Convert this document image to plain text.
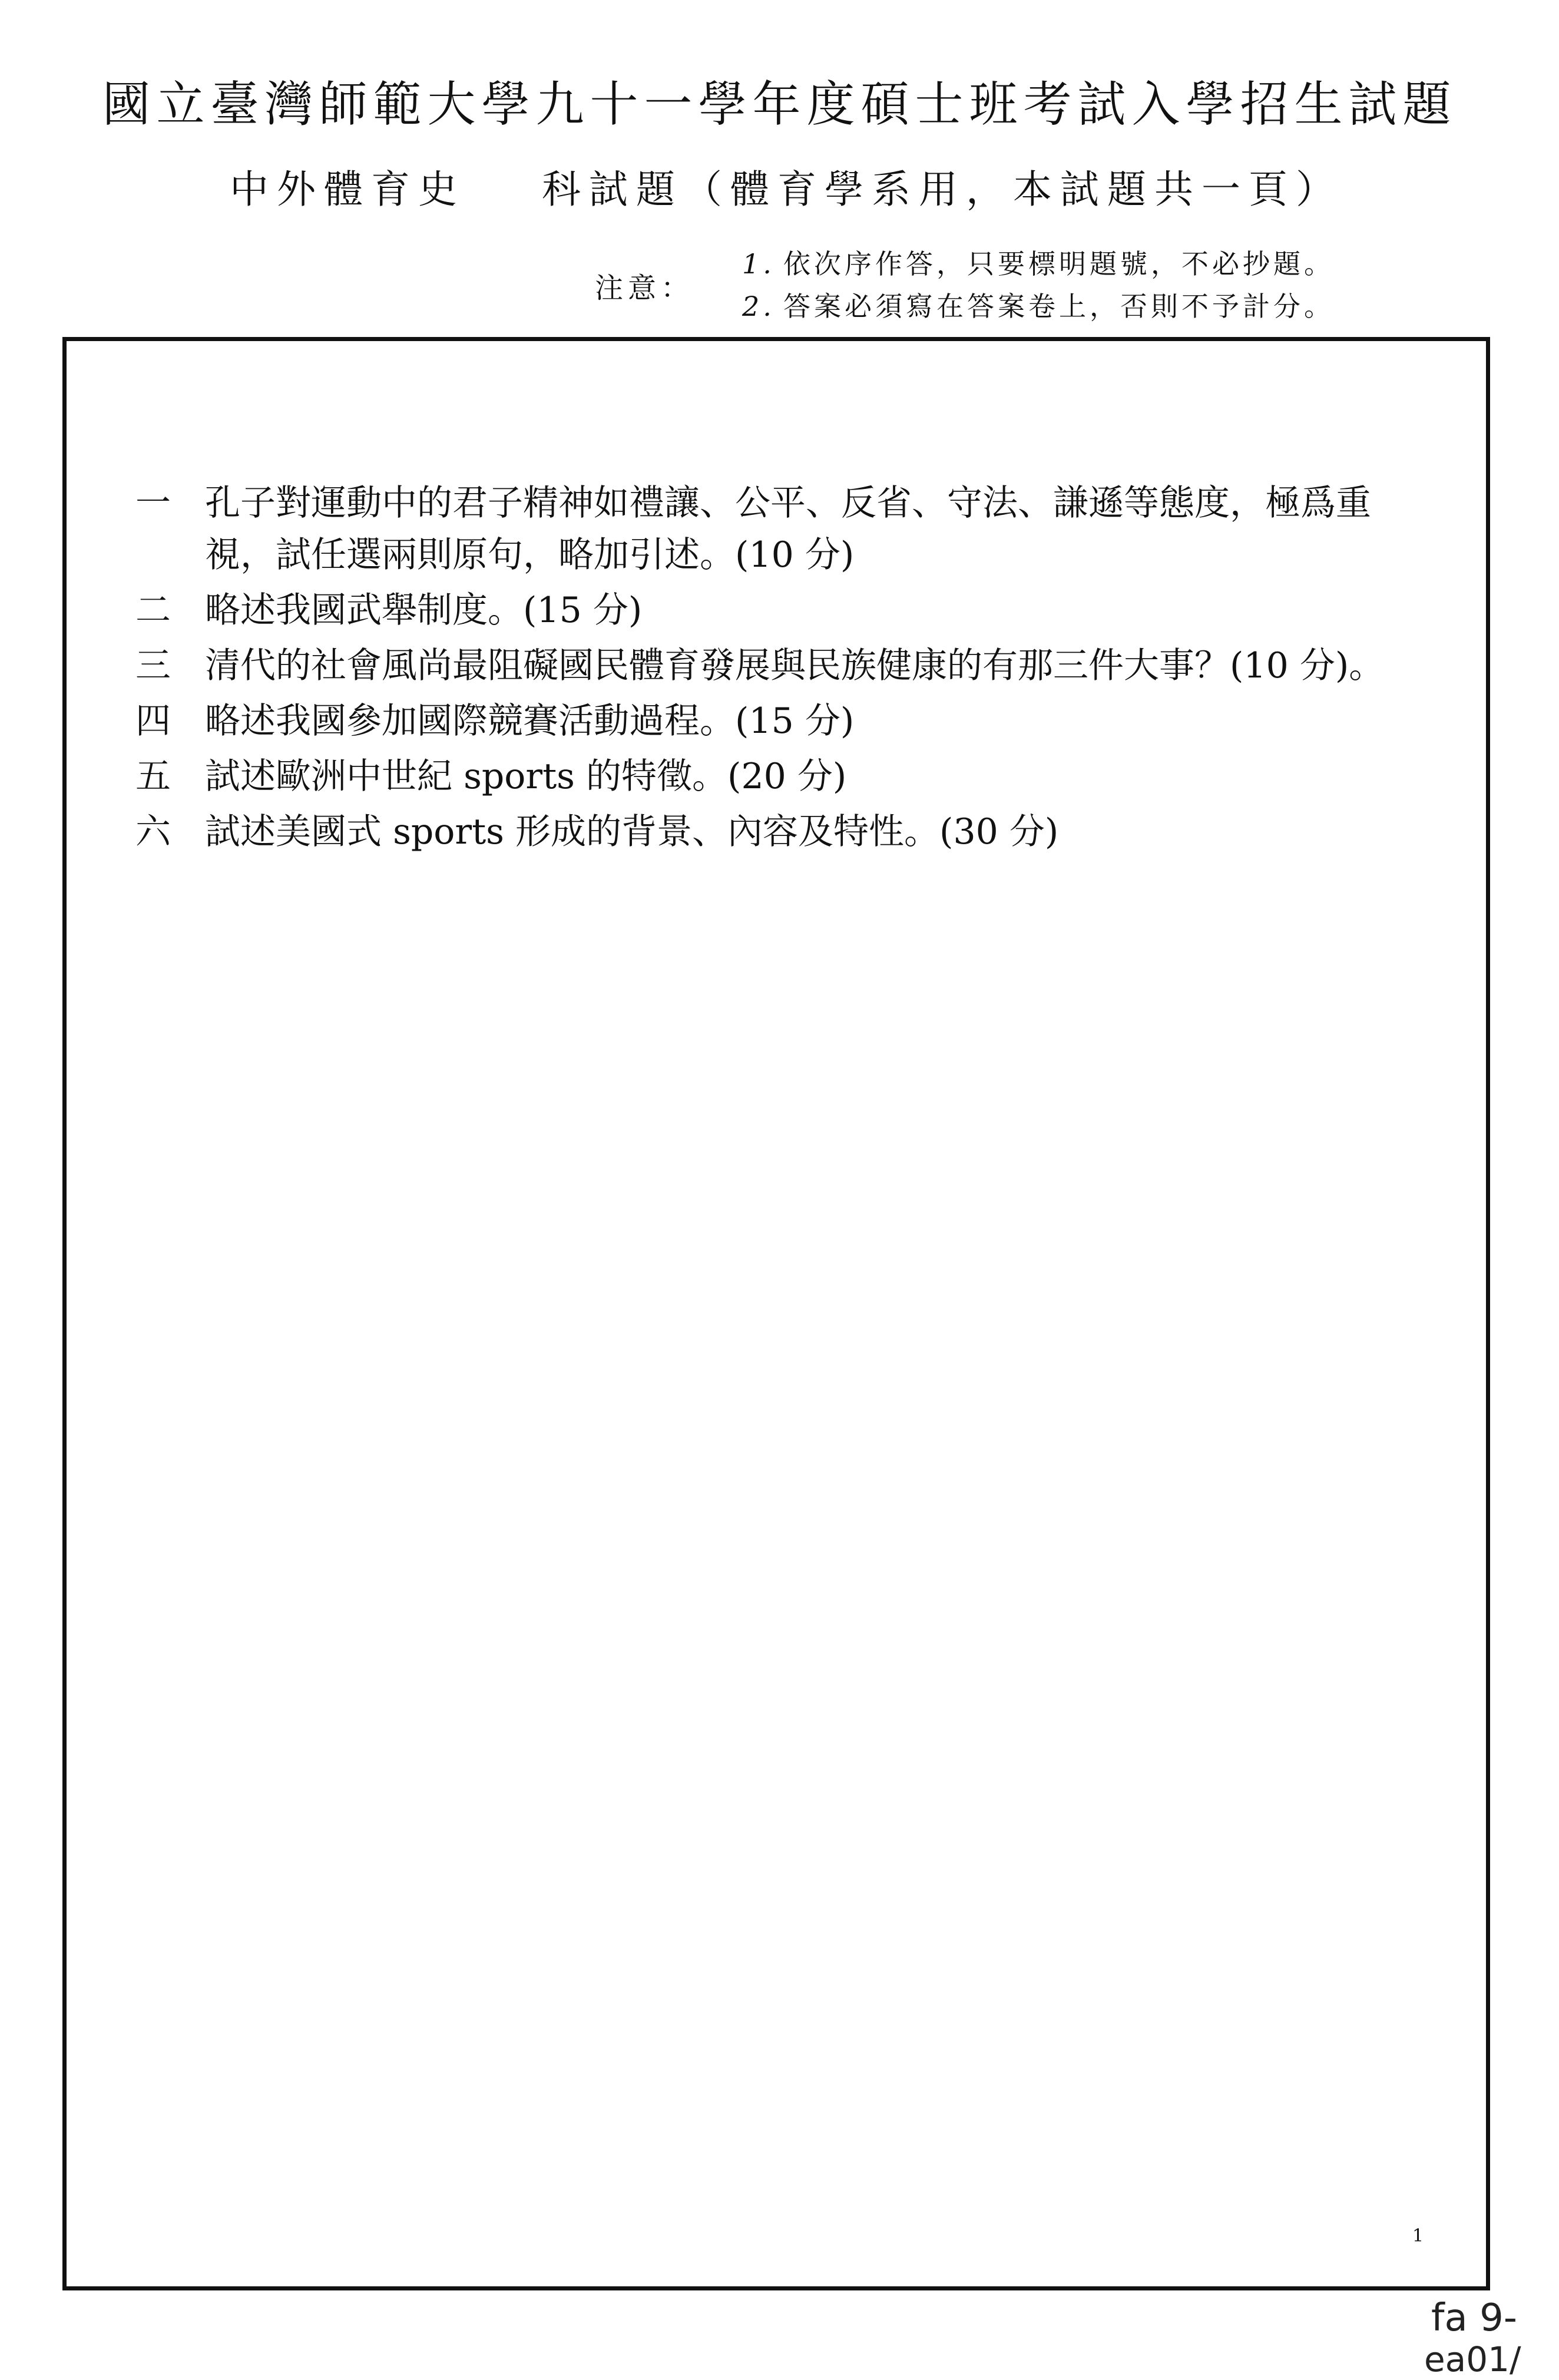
國立臺灣師範大學九十一學年度碩士班考試入學招生試題
中外體育史 科試題（體育學系用，本試題共一頁）
注意：
1. 依次序作答，只要標明題號，不必抄題。
2. 答案必須寫在答案卷上，否則不予計分。
一 孔子對運動中的君子精神如禮讓、公平、反省、守法、謙遜等態度，極爲重
視，試任選兩則原句，略加引述。(10 分)
二 略述我國武舉制度。(15 分)
三 清代的社會風尚最阻礙國民體育發展與民族健康的有那三件大事？(10 分)。
四 略述我國參加國際競賽活動過程。(15 分)
五 試述歐洲中世紀 sports 的特徵。(20 分)
六 試述美國式 sports 形成的背景、內容及特性。(30 分)
1
fa 9-
ea01/
